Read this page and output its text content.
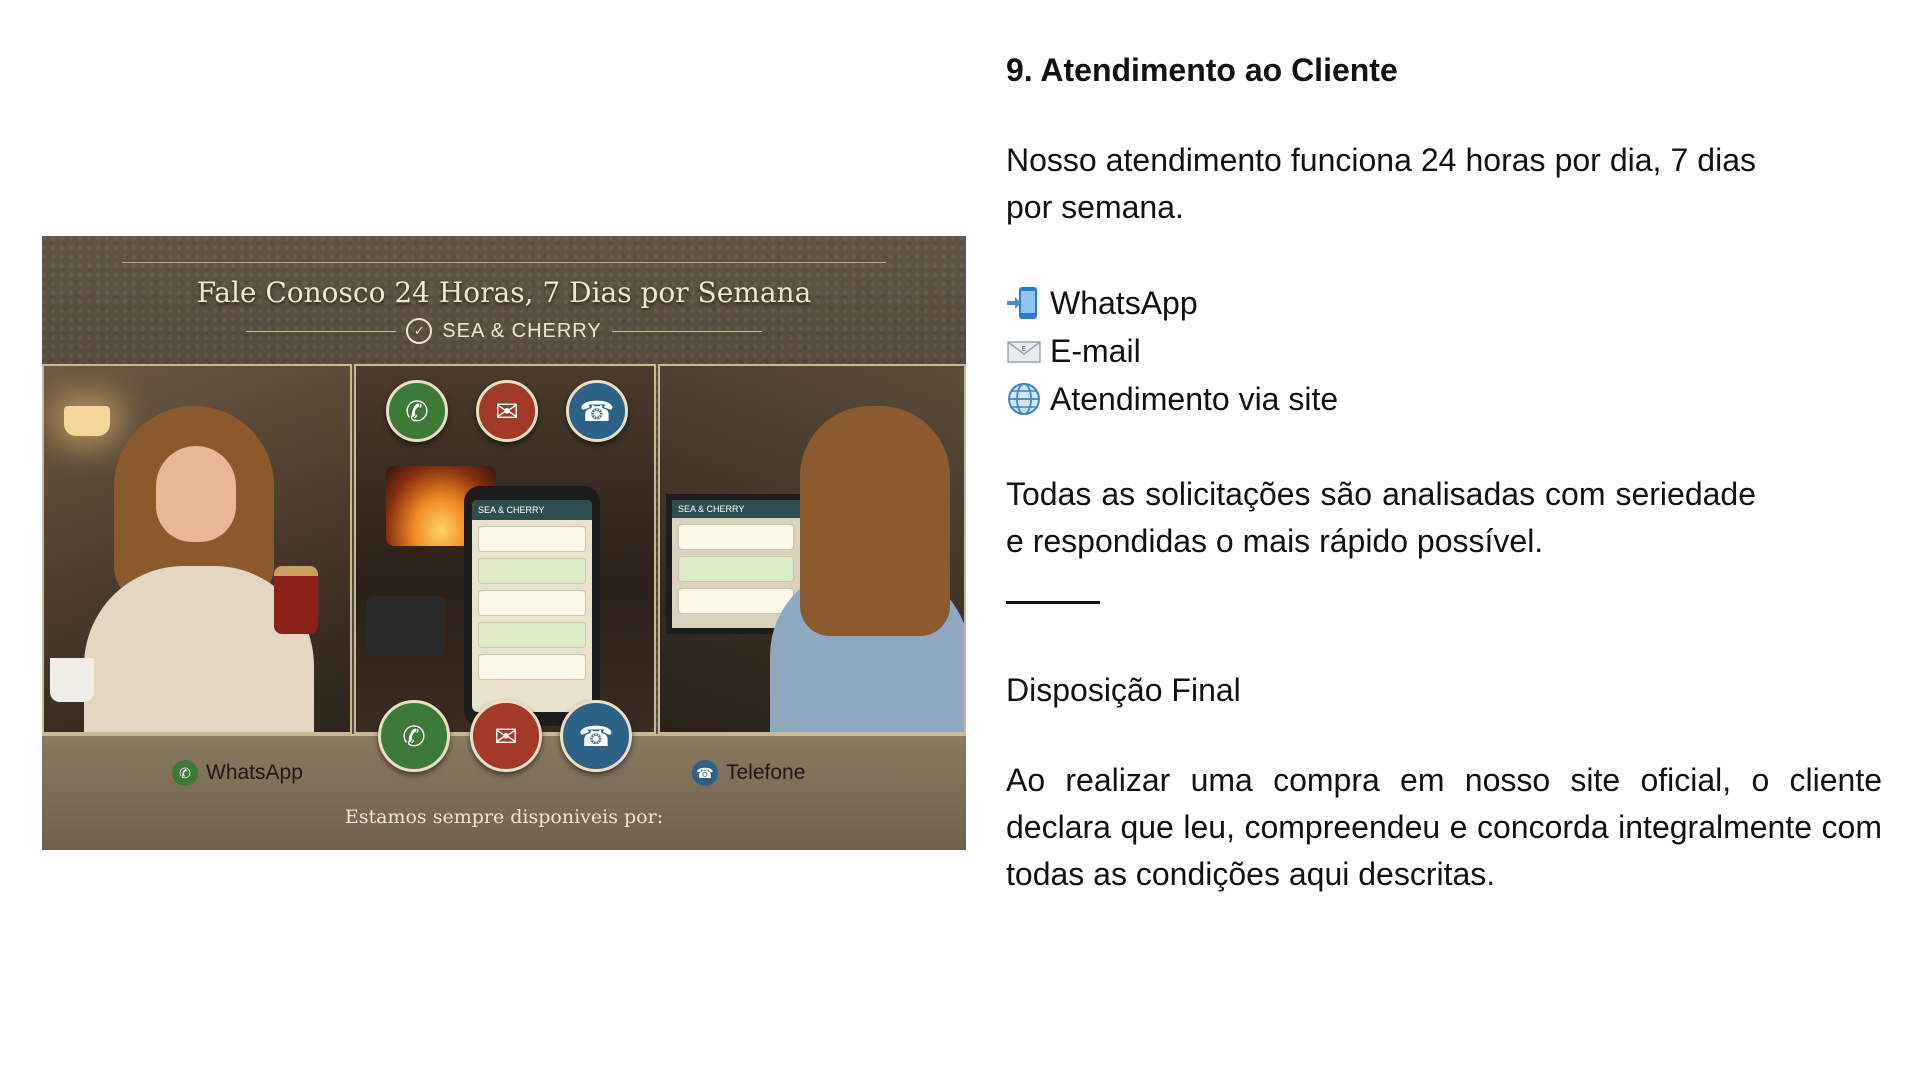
Fale Conosco 24 Horas, 7 Dias por Semana
✓ SEA & CHERRY
✆	✉	☎
SEA & CHERRY	SEA & CHERRY
✆ WhatsApp
✆	✉	☎
☎ Telefone
Estamos sempre disponiveis por:
9. Atendimento ao Cliente

Nosso atendimento funciona 24 horas por dia, 7 dias por semana.

WhatsApp
E E-mail
Atendimento via site

Todas as solicitações são analisadas com seriedade e respondidas o mais rápido possível.

Disposição Final

Ao realizar uma compra em nosso site oficial, o cliente declara que leu, compreendeu e concorda integralmente com todas as condições aqui descritas.
